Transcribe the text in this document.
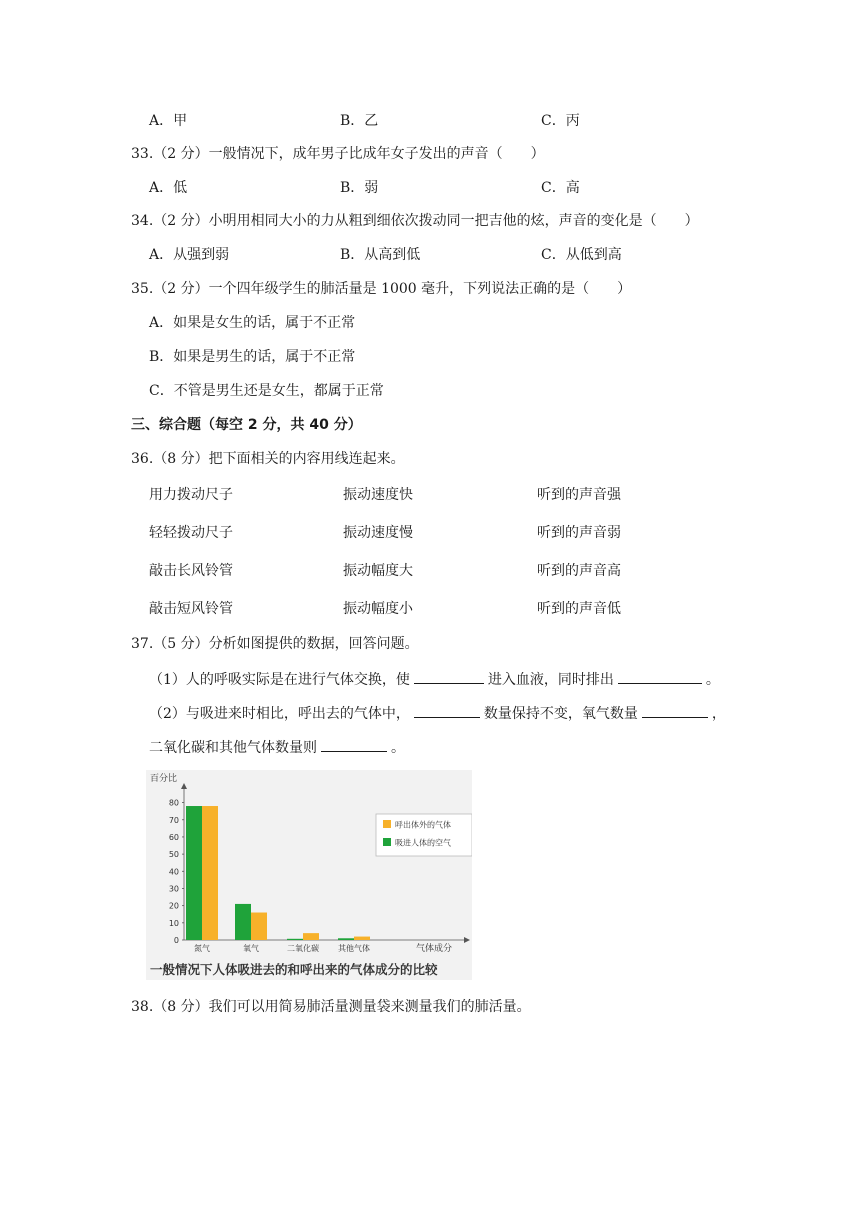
A．甲	B．乙	C．丙
33.（2 分）一般情况下，成年男子比成年女子发出的声音（　　）
A．低	B．弱	C．高
34.（2 分）小明用相同大小的力从粗到细依次拨动同一把吉他的炫，声音的变化是（　　）
A．从强到弱	B．从高到低	C．从低到高
35.（2 分）一个四年级学生的肺活量是 1000 毫升，下列说法正确的是（　　）
A．如果是女生的话，属于不正常
B．如果是男生的话，属于不正常
C．不管是男生还是女生，都属于正常
三、综合题（每空 2 分，共 40 分）
36.（8 分）把下面相关的内容用线连起来。
用力拨动尺子	振动速度快	听到的声音强
轻轻拨动尺子	振动速度慢	听到的声音弱
敲击长风铃管	振动幅度大	听到的声音高
敲击短风铃管	振动幅度小	听到的声音低
37.（5 分）分析如图提供的数据，回答问题。
（1）人的呼吸实际是在进行气体交换，使	进入血液，同时排出	。
（2）与吸进来时相比，呼出去的气体中，	数量保持不变，氧气数量	，
二氧化碳和其他气体数量则	。
百分比
0
10
20
30
40
50
60
70
80
氮气	氧气	二氧化碳 其他气体
呼出体外的气体
吸进人体的空气
气体成分
一般情况下人体吸进去的和呼出来的气体成分的比较
38.（8 分）我们可以用简易肺活量测量袋来测量我们的肺活量。
